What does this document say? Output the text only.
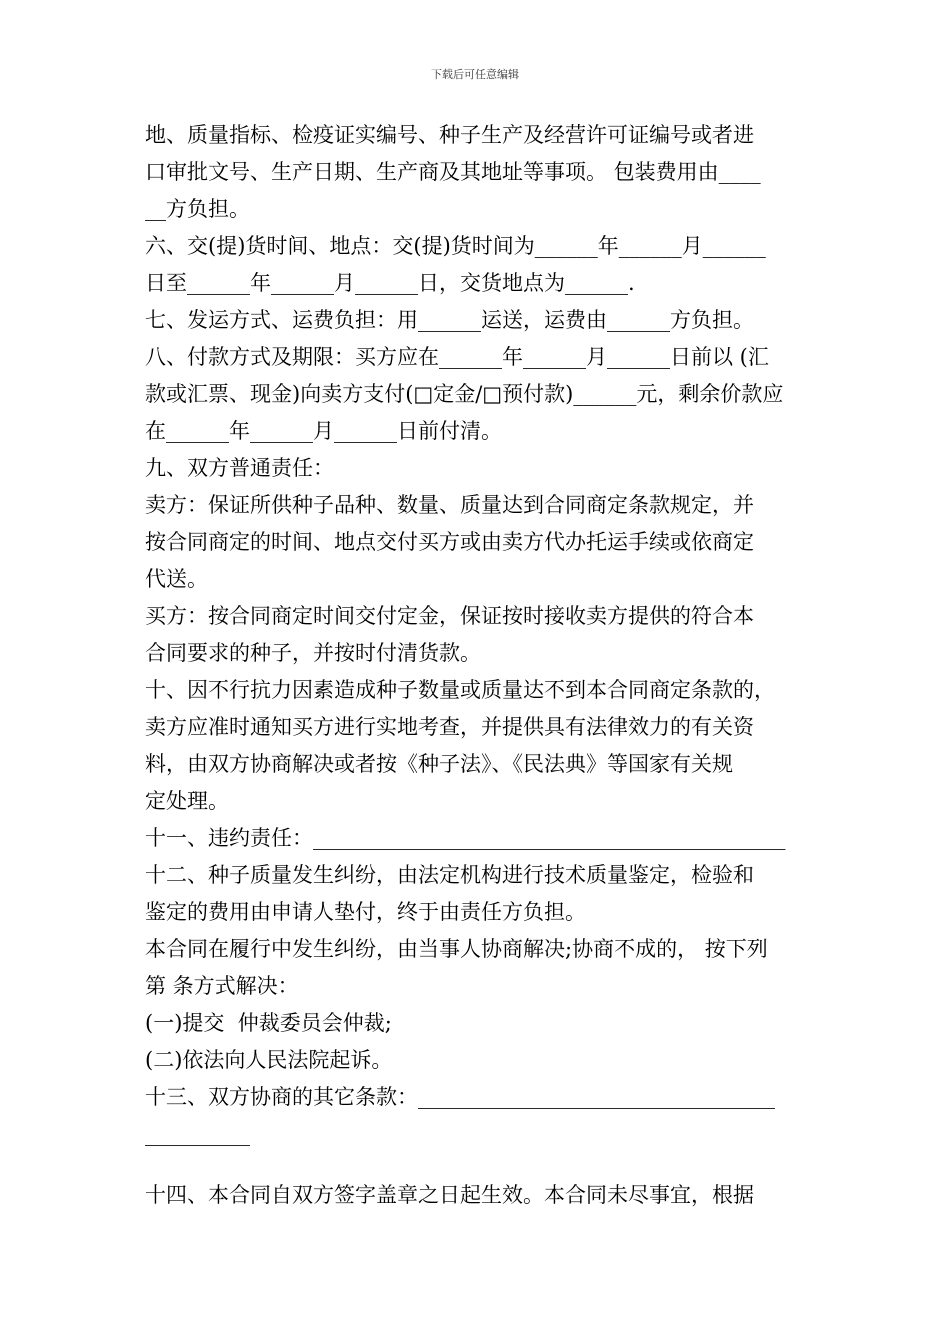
下载后可任意编辑
地、质量指标、检疫证实编号、种子生产及经营许可证编号或者进
口审批文号、生产日期、生产商及其地址等事项。 包装费用由____
__方负担。
六、交(提)货时间、地点：交(提)货时间为______年______月______
日至______年______月______日，交货地点为______.
七、发运方式、运费负担：用______运送，运费由______方负担。
八、付款方式及期限：买方应在______年______月______日前以 (汇
款或汇票、现金)向卖方支付(□定金/□预付款)______元，剩余价款应
在______年______月______日前付清。
九、双方普通责任：
卖方：保证所供种子品种、数量、质量达到合同商定条款规定，并
按合同商定的时间、地点交付买方或由卖方代办托运手续或依商定
代送。
买方：按合同商定时间交付定金，保证按时接收卖方提供的符合本
合同要求的种子，并按时付清货款。
十、因不行抗力因素造成种子数量或质量达不到本合同商定条款的，
卖方应准时通知买方进行实地考查，并提供具有法律效力的有关资
料，由双方协商解决或者按《种子法》、《民法典》等国家有关规
定处理。
十一、违约责任：_____________________________________________
十二、种子质量发生纠纷，由法定机构进行技术质量鉴定，检验和
鉴定的费用由申请人垫付，终于由责任方负担。
本合同在履行中发生纠纷，由当事人协商解决;协商不成的， 按下列
第 条方式解决：
(一)提交  仲裁委员会仲裁;
(二)依法向人民法院起诉。
十三、双方协商的其它条款：__________________________________
__________
十四、本合同自双方签字盖章之日起生效。本合同未尽事宜，根据
